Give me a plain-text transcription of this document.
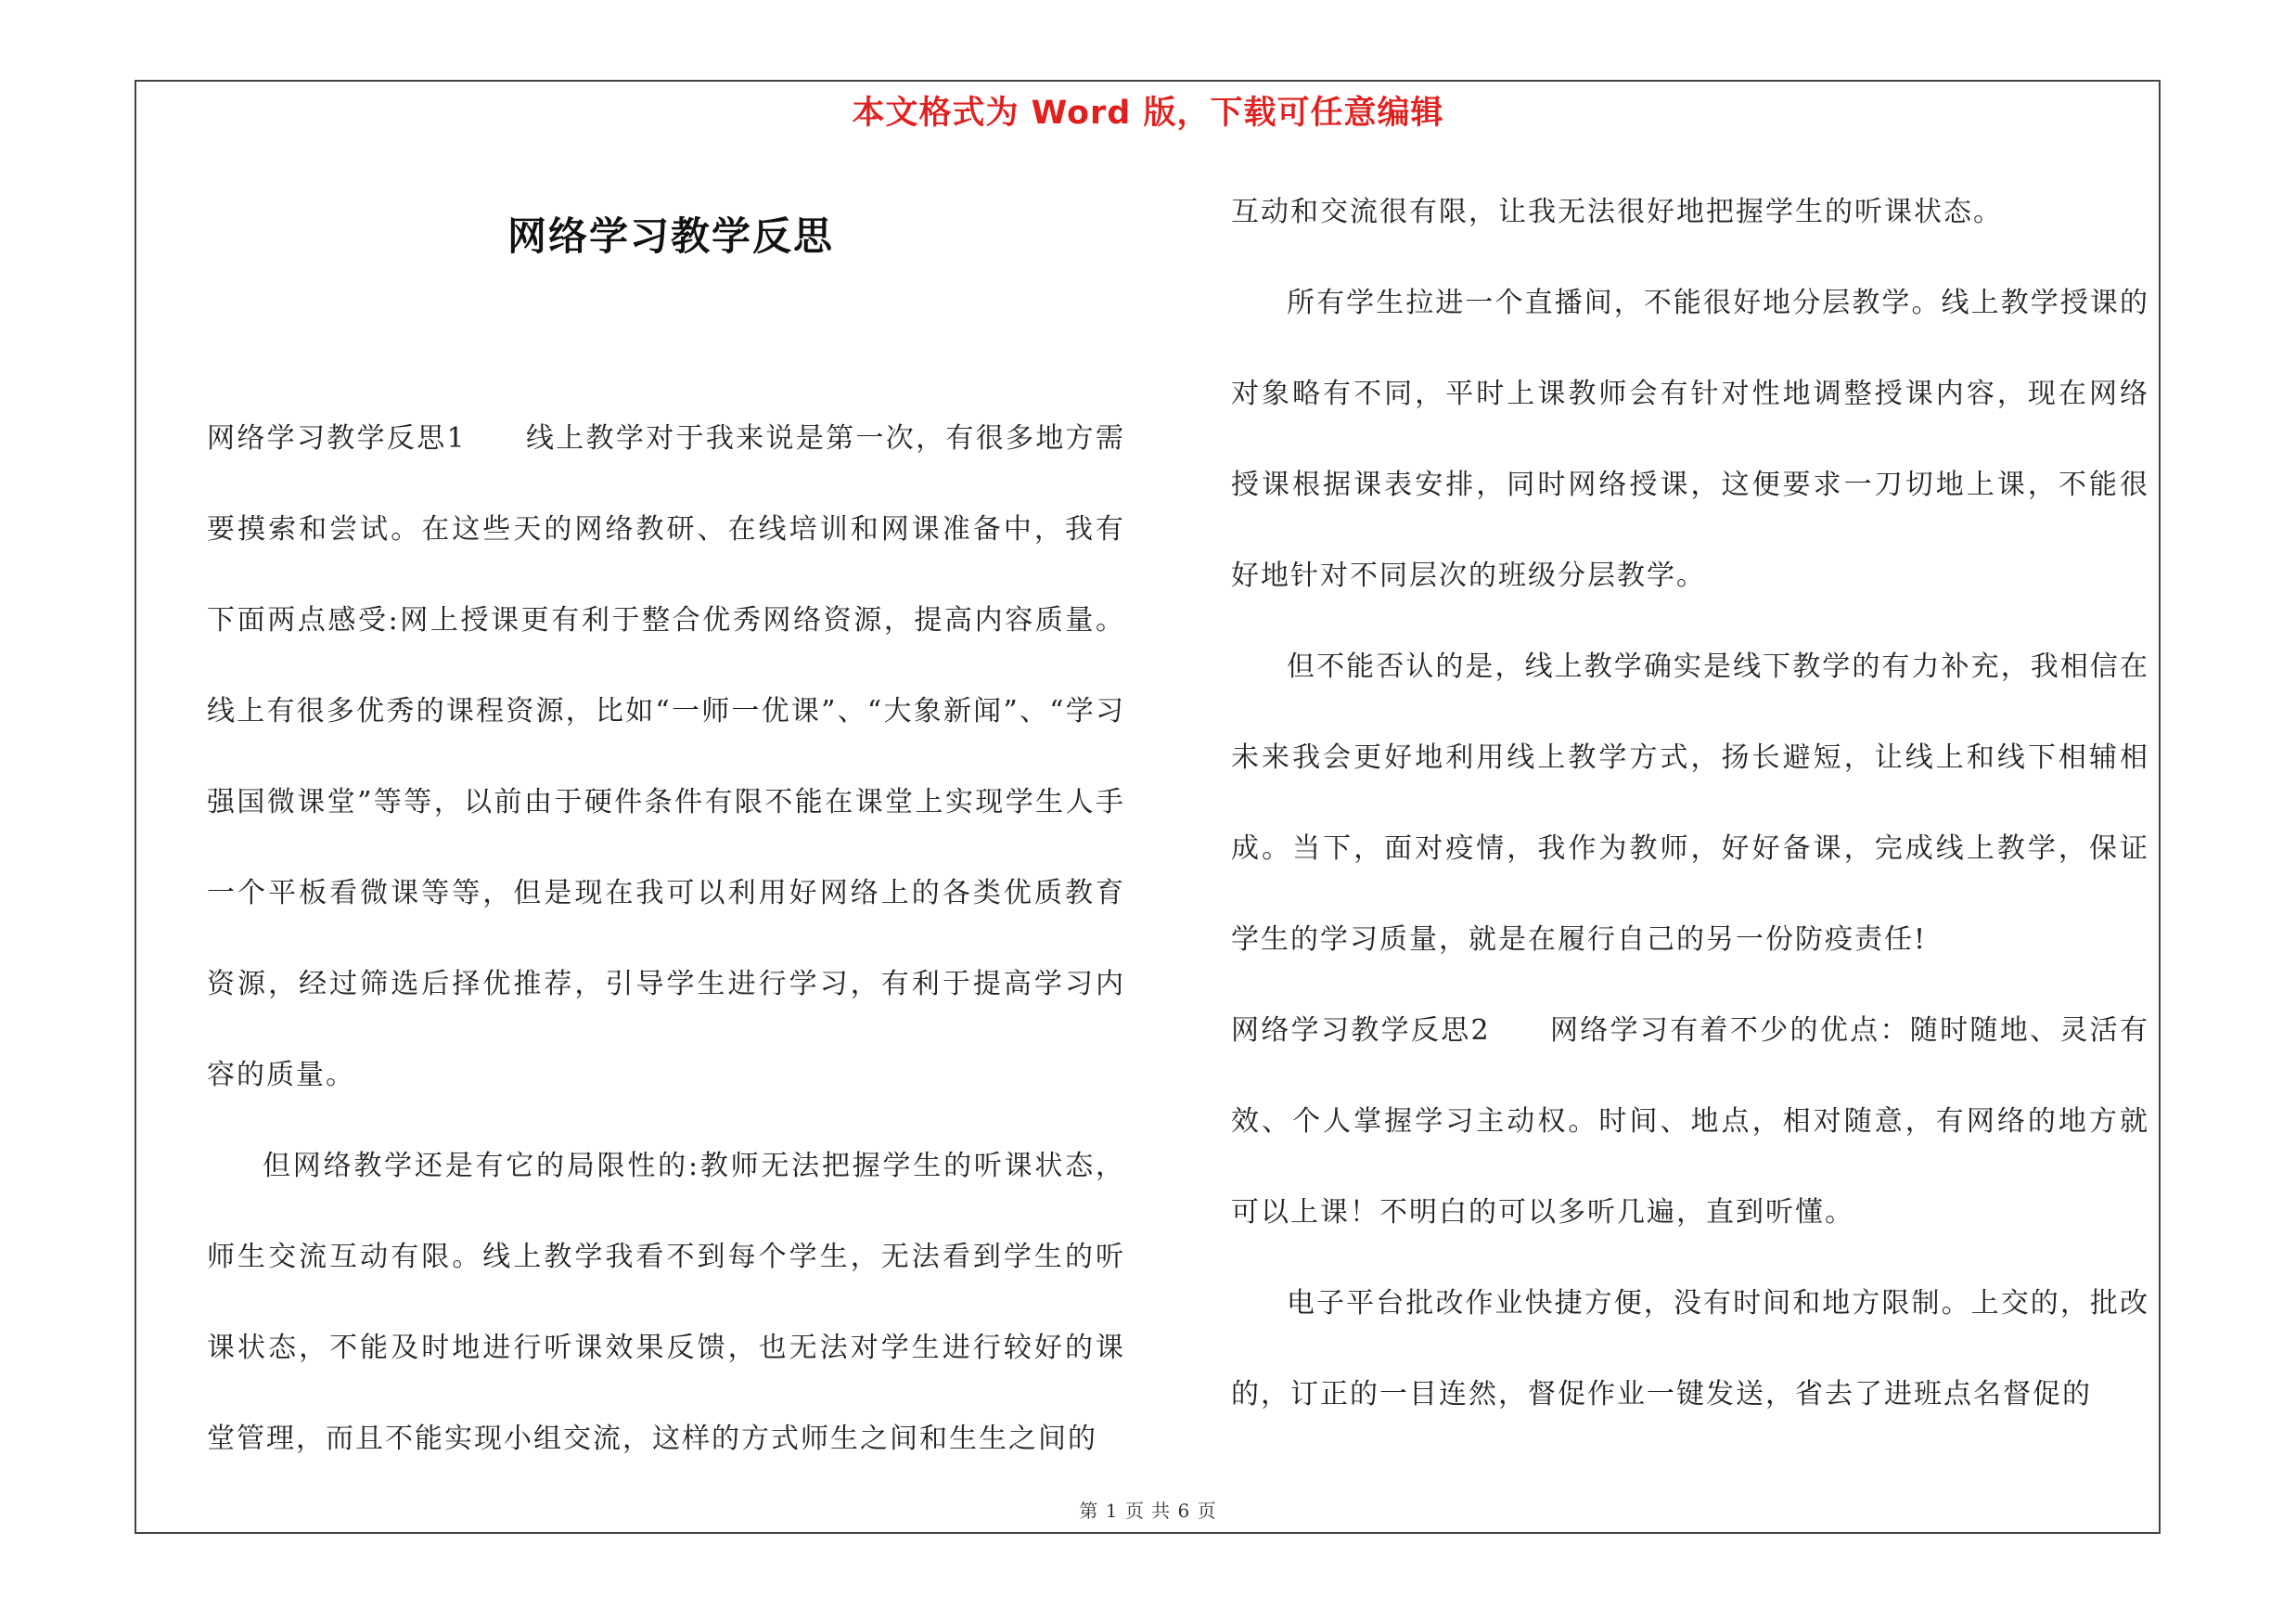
本文格式为 Word 版，下载可任意编辑
网络学习教学反思

网络学习教学反思1 线上教学对于我来说是第一次，有很多地方需要摸索和尝试。在这些天的网络教研、在线培训和网课准备中，我有下面两点感受:网上授课更有利于整合优秀网络资源，提高内容质量。线上有很多优秀的课程资源，比如“一师一优课”、“大象新闻”、“学习强国微课堂”等等，以前由于硬件条件有限不能在课堂上实现学生人手一个平板看微课等等，但是现在我可以利用好网络上的各类优质教育资源，经过筛选后择优推荐，引导学生进行学习，有利于提高学习内容的质量。

但网络教学还是有它的局限性的:教师无法把握学生的听课状态，师生交流互动有限。线上教学我看不到每个学生，无法看到学生的听课状态，不能及时地进行听课效果反馈，也无法对学生进行较好的课堂管理，而且不能实现小组交流，这样的方式师生之间和生生之间的

互动和交流很有限，让我无法很好地把握学生的听课状态。

所有学生拉进一个直播间，不能很好地分层教学。线上教学授课的对象略有不同，平时上课教师会有针对性地调整授课内容，现在网络授课根据课表安排，同时网络授课，这便要求一刀切地上课，不能很好地针对不同层次的班级分层教学。

但不能否认的是，线上教学确实是线下教学的有力补充，我相信在未来我会更好地利用线上教学方式，扬长避短，让线上和线下相辅相成。当下，面对疫情，我作为教师，好好备课，完成线上教学，保证学生的学习质量，就是在履行自己的另一份防疫责任!

网络学习教学反思2 网络学习有着不少的优点：随时随地、灵活有效、个人掌握学习主动权。时间、地点，相对随意，有网络的地方就可以上课！不明白的可以多听几遍，直到听懂。

电子平台批改作业快捷方便，没有时间和地方限制。上交的，批改的，订正的一目连然，督促作业一键发送，省去了进班点名督促的

第 1 页 共 6 页
